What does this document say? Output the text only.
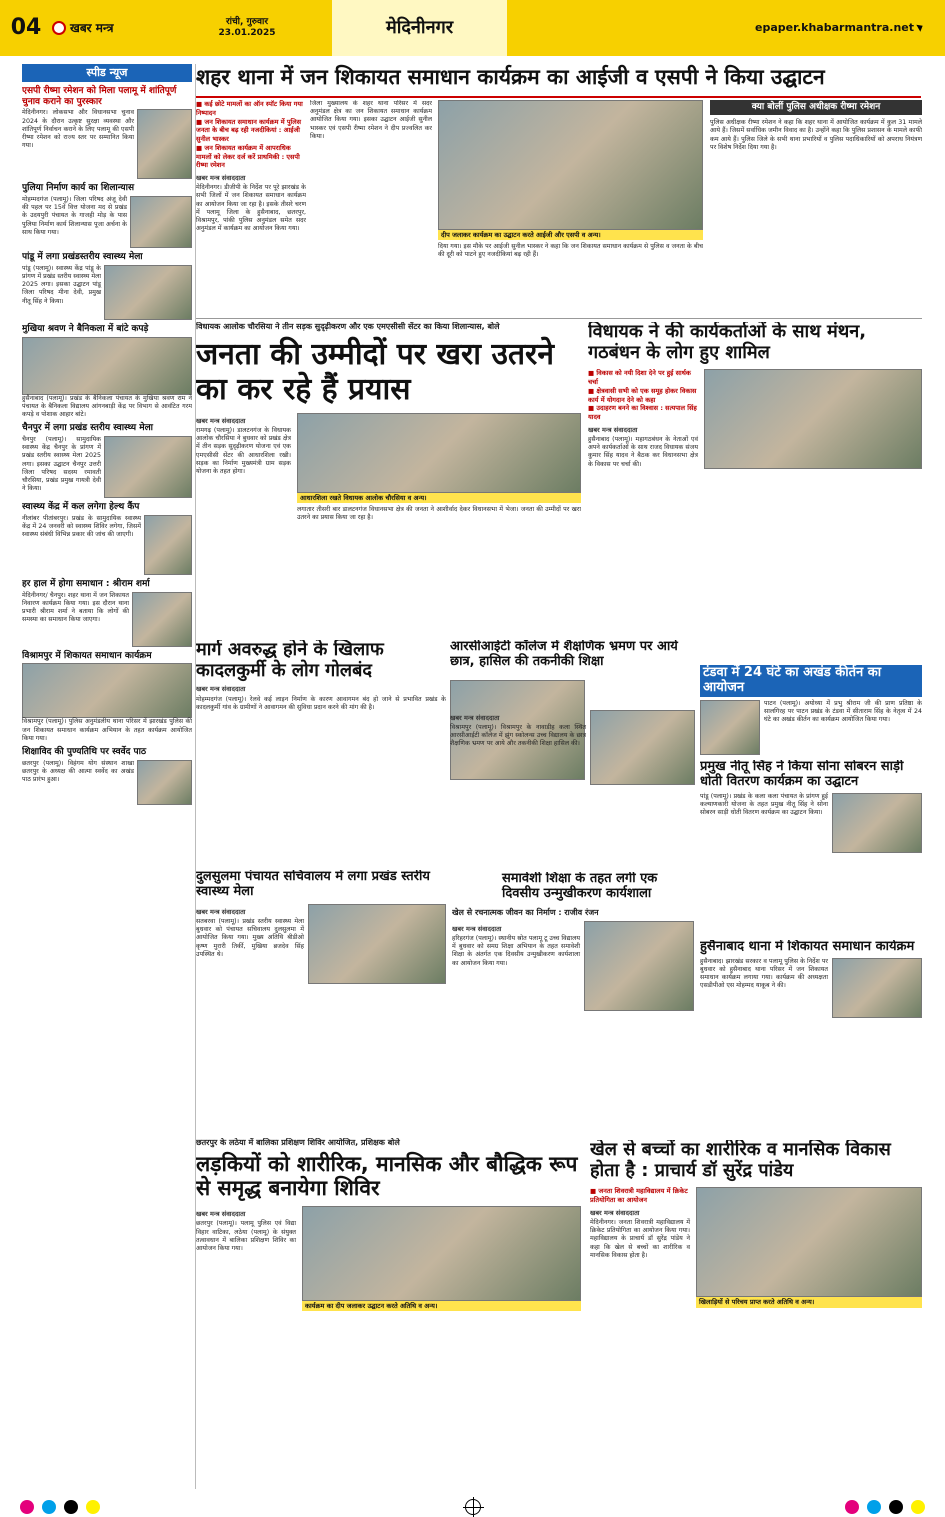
04	खबर मन्त्र	रांची, गुरुवार
23.01.2025	मेदिनीनगर	epaper.khabarmantra.net
स्पीड न्यूज
एसपी रीष्मा रमेशन को मिला पलामू में शांतिपूर्ण चुनाव कराने का पुरस्कार
मेदिनीनगर। लोकसभा और विधानसभा चुनाव 2024 के दौरान उत्कृष्ट सुरक्षा व्यवस्था और शांतिपूर्ण निर्वाचन कराने के लिए पलामू की एसपी रीष्मा रमेशन को राज्य स्तर पर सम्मानित किया गया।
पुलिया निर्माण कार्य का शिलान्यास
मोहम्मदगंज (पलामू)। जिला परिषद अंजू देवी की पहल पर 15वें वित्त योजना मद से प्रखंड के उदयपुरी पंचायत के गाजही मोड़ के पास पुलिया निर्माण कार्य शिलान्यास पूजा अर्चना के साथ किया गया।
पांडू में लगा प्रखंडस्तरीय स्वास्थ्य मेला
पांडू (पलामू)। स्वास्थ्य केंद्र पांडू के प्रांगण में प्रखंड स्तरीय स्वास्थ्य मेला 2025 लगा। इसका उद्घाटन पांडू जिला परिषद मीना देवी, प्रमुख नीतू सिंह ने किया।
मुखिया श्रवण ने बैनिकला में बांटे कपड़े
हुसैनाबाद (पलामू)। प्रखंड के बैनिकला पंचायत के मुखिया श्रवण राम ने पंचायत के बैनिकला विद्यालय आंगनबाड़ी केंद्र पर विभाग से आवंटित गरम कपड़े व पोशाक आहार बांटे।
चैनपुर में लगा प्रखंड स्तरीय स्वास्थ्य मेला
चैनपुर (पलामू)। सामुदायिक स्वास्थ्य केंद्र चैनपुर के प्रांगण में प्रखंड स्तरीय स्वास्थ्य मेला 2025 लगा। इसका उद्घाटन चैनपुर उत्तरी जिला परिषद सदस्य रमावती चौरसिया, प्रखंड प्रमुख गायत्री देवी ने किया।
स्वास्थ्य केंद्र में कल लगेगा हेल्थ कैंप
नीलांबर पीतांबरपुर। प्रखंड के सामुदायिक स्वास्थ्य केंद्र में 24 जनवरी को स्वास्थ्य शिविर लगेगा, जिसमें स्वास्थ्य संबंधी विभिन्न प्रकार की जांच की जाएगी।
हर हाल में होगा समाधान : श्रीराम शर्मा
मेदिनीनगर/ चैनपुर। शहर थाना में जन शिकायत निवारण कार्यक्रम किया गया। इस दौरान थाना प्रभारी श्रीराम शर्मा ने बताया कि लोगों की समस्या का समाधान किया जाएगा।
विश्रामपुर में शिकायत समाधान कार्यक्रम
विश्रामपुर (पलामू)। पुलिस अनुमंडलीय थाना परिसर में झारखंड पुलिस की जन शिकायत समाधान कार्यक्रम अभियान के तहत कार्यक्रम आयोजित किया गया।
शिक्षाविद की पुण्यतिथि पर स्वर्वेद पाठ
छतरपुर (पलामू)। विहंगम योग संस्थान शाखा छतरपुर के अध्यक्ष की आत्मा स्वर्वेद का अखंड पाठ प्रारंभ हुआ।
शहर थाना में जन शिकायत समाधान कार्यक्रम का आईजी व एसपी ने किया उद्घाटन
■ कई छोटे मामलों का ऑन स्पॉट किया गया निष्पादन
■ जन शिकायत समाधान कार्यक्रम में पुलिस जनता के बीच बढ़ रही नजदीकियां : आईजी सुनील भास्कर
■ जन शिकायत कार्यक्रम में आपराधिक मामलों को लेकर दर्ज करें प्राथमिकी : एसपी रीष्मा रमेशन
खबर मन्त्र संवाददाता
मेदिनीनगर। डीजीपी के निर्देश पर पूरे झारखंड के सभी जिलों में जन शिकायत समाधान कार्यक्रम का आयोजन किया जा रहा है। इसके तीसरे चरण में पलामू जिला के हुसैनाबाद, छतरपुर, विश्रामपुर, पांकी पुलिस अनुमंडल समेत सदर अनुमंडल में कार्यक्रम का आयोजन किया गया।
जिला मुख्यालय के शहर थाना परिसर में सदर अनुमंडल क्षेत्र का जन शिकायत समाधान कार्यक्रम आयोजित किया गया। इसका उद्घाटन आईजी सुनील भास्कर एवं एसपी रीष्मा रमेशन ने दीप प्रज्वलित कर किया।
दीप जलाकर कार्यक्रम का उद्घाटन करते आईजी और एसपी व अन्य।
दिया गया। इस मौके पर आईजी सुनील भास्कर ने कहा कि जन शिकायत समाधान कार्यक्रम से पुलिस व जनता के बीच की दूरी को पाटने हुए नजदीकियां बढ़ रही हैं।
क्या बोलीं पुलिस अधीक्षक रीष्मा रमेशन
पुलिस अधीक्षक रीष्मा रमेशन ने कहा कि शहर थाना में आयोजित कार्यक्रम में कुल 31 मामले आये हैं। जिसमें सर्वाधिक जमीन विवाद का है। उन्होंने कहा कि पुलिस प्रशासन के मामले काफी कम आये हैं। पुलिस जिले के सभी थाना प्रभारियों व पुलिस पदाधिकारियों को अपराध नियंत्रण पर विशेष निर्देश दिया गया है।
विधायक आलोक चौरसिया ने तीन सड़क सुदृढ़ीकरण और एक एमएसीसी सेंटर का किया शिलान्यास, बोले
जनता की उम्मीदों पर खरा उतरने का कर रहे हैं प्रयास
खबर मन्त्र संवाददाता
रामगढ़ (पलामू)। डालटनगंज के विधायक आलोक चौरसिया ने बुधवार को प्रखंड क्षेत्र में तीन सड़क सुदृढ़ीकरण योजना एवं एक एमएसीसी सेंटर की आधारशिला रखी। सड़क का निर्माण मुख्यमंत्री ग्राम सड़क योजना के तहत होगा।
आधारशिला रखते विधायक आलोक चौरसिया व अन्य।
लगातार तीसरी बार डालटनगंज विधानसभा क्षेत्र की जनता ने आशीर्वाद देकर विधानसभा में भेजा। जनता की उम्मीदों पर खरा उतरने का प्रयास किया जा रहा है।
विधायक ने की कार्यकर्ताओं के साथ मंथन, गठबंधन के लोग हुए शामिल
■ विकास को नयी दिशा देने पर हुई सार्थक चर्चा
■ क्षेत्रवासी सभी को एक समूह होकर विकास कार्य में योगदान देने को कहा
■ उदाहरण बनने का विश्वास : सत्यपाल सिंह यादव
खबर मन्त्र संवाददाता
हुसैनाबाद (पलामू)। महागठबंधन के नेताओं एवं अपने कार्यकर्ताओं के साथ राजद विधायक संजय कुमार सिंह यादव ने बैठक कर विधानसभा क्षेत्र के विकास पर चर्चा की।
टंडवा में 24 घंटे का अखंड कीर्तन का आयोजन
पाटन (पलामू)। अयोध्या में प्रभु श्रीराम जी की प्राण प्रतिष्ठा के सालगिरह पर पाटन प्रखंड के टंडवा में सीताराम सिंह के नेतृत्व में 24 घंटे का अखंड कीर्तन का कार्यक्रम आयोजित किया गया।
प्रमुख नीतू सिंह ने किया सोना सोबरन साड़ी धोती वितरण कार्यक्रम का उद्घाटन
पांडू (पलामू)। प्रखंड के कला कला पंचायत के प्रांगण हुई कल्याणकारी योजना के तहत प्रमुख नीतू सिंह ने सोना सोबरन साड़ी धोती वितरण कार्यक्रम का उद्घाटन किया।
मार्ग अवरुद्ध होने के खिलाफ कादलकुर्मी के लोग गोलबंद
खबर मन्त्र संवाददाता
मोहम्मदगंज (पलामू)। रेलवे कई लाइन निर्माण के कारण आवागमन बंद हो जाने से प्रभावित प्रखंड के कादलकुर्मी गांव के ग्रामीणों ने आवागमन की सुविधा प्रदान करने की मांग की है।
आरसीआईटी कॉलेज में शैक्षणिक भ्रमण पर आये छात्र, हासिल की तकनीकी शिक्षा
खबर मन्त्र संवाददाता
विश्रामपुर (पलामू)। विश्रामपुर के नावाडीह कला स्थित आरसीआईटी कॉलेज में झुंग स्कोलन्स उच्च विद्यालय के छात्र शैक्षणिक भ्रमण पर आये और तकनीकी शिक्षा हासिल की।
दुलसुलमा पंचायत सचिवालय में लगा प्रखंड स्तरीय स्वास्थ्य मेला
खबर मन्त्र संवाददाता
सतबरवा (पलामू)। प्रखंड स्तरीय स्वास्थ्य मेला बुधवार को पंचायत सचिवालय दुलसुलमा में आयोजित किया गया। मुख्य अतिथि बीडीओ कृष्ण मुरारी तिर्की, मुखिया ब्रजदेव सिंह उपस्थित थे।
समावेशी शिक्षा के तहत लगी एक दिवसीय उन्मुखीकरण कार्यशाला
खेल से रचनात्मक जीवन का निर्माण : राजीव रंजन
खबर मन्त्र संवाददाता
हरिहरगंज (पलामू)। स्थानीय स्रोत पलामू टू उच्च विद्यालय में बुधवार को समग्र शिक्षा अभियान के तहत समावेशी शिक्षा के अंतर्गत एक दिवसीय उन्मुखीकरण कार्यशाला का आयोजन किया गया।
हुसैनाबाद थाना में शिकायत समाधान कार्यक्रम
हुसैनाबाद। झारखंड सरकार व पलामू पुलिस के निर्देश पर बुधवार को हुसैनाबाद थाना परिसर में जन शिकायत समाधान कार्यक्रम लगाया गया। कार्यक्रम की अध्यक्षता एसडीपीओ एस मोहम्मद याकूब ने की।
छतरपुर के लठेया में बालिका प्रशिक्षण शिविर आयोजित, प्रशिक्षक बोले
लड़कियों को शारीरिक, मानसिक और बौद्धिक रूप से समृद्ध बनायेगा शिविर
खबर मन्त्र संवाददाता
छतरपुर (पलामू)। पलामू पुलिस एवं विद्या विहार वाटिका, लठेया (पलामू) के संयुक्त तत्वावधान में बालिका प्रशिक्षण शिविर का आयोजन किया गया।
कार्यक्रम का दीप जलाकर उद्घाटन करते अतिथि व अन्य।
खेल से बच्चों का शारीरिक व मानसिक विकास होता है : प्राचार्य डॉ सुरेंद्र पांडेय
■ जनता शिवरात्री महाविद्यालय में क्रिकेट प्रतियोगिता का आयोजन
खबर मन्त्र संवाददाता
मेदिनीनगर। जनता शिवरात्री महाविद्यालय में क्रिकेट प्रतियोगिता का आयोजन किया गया। महाविद्यालय के प्राचार्य डॉ सुरेंद्र पांडेय ने कहा कि खेल से बच्चों का शारीरिक व मानसिक विकास होता है।
खिलाड़ियों से परिचय प्राप्त करते अतिथि व अन्य।
